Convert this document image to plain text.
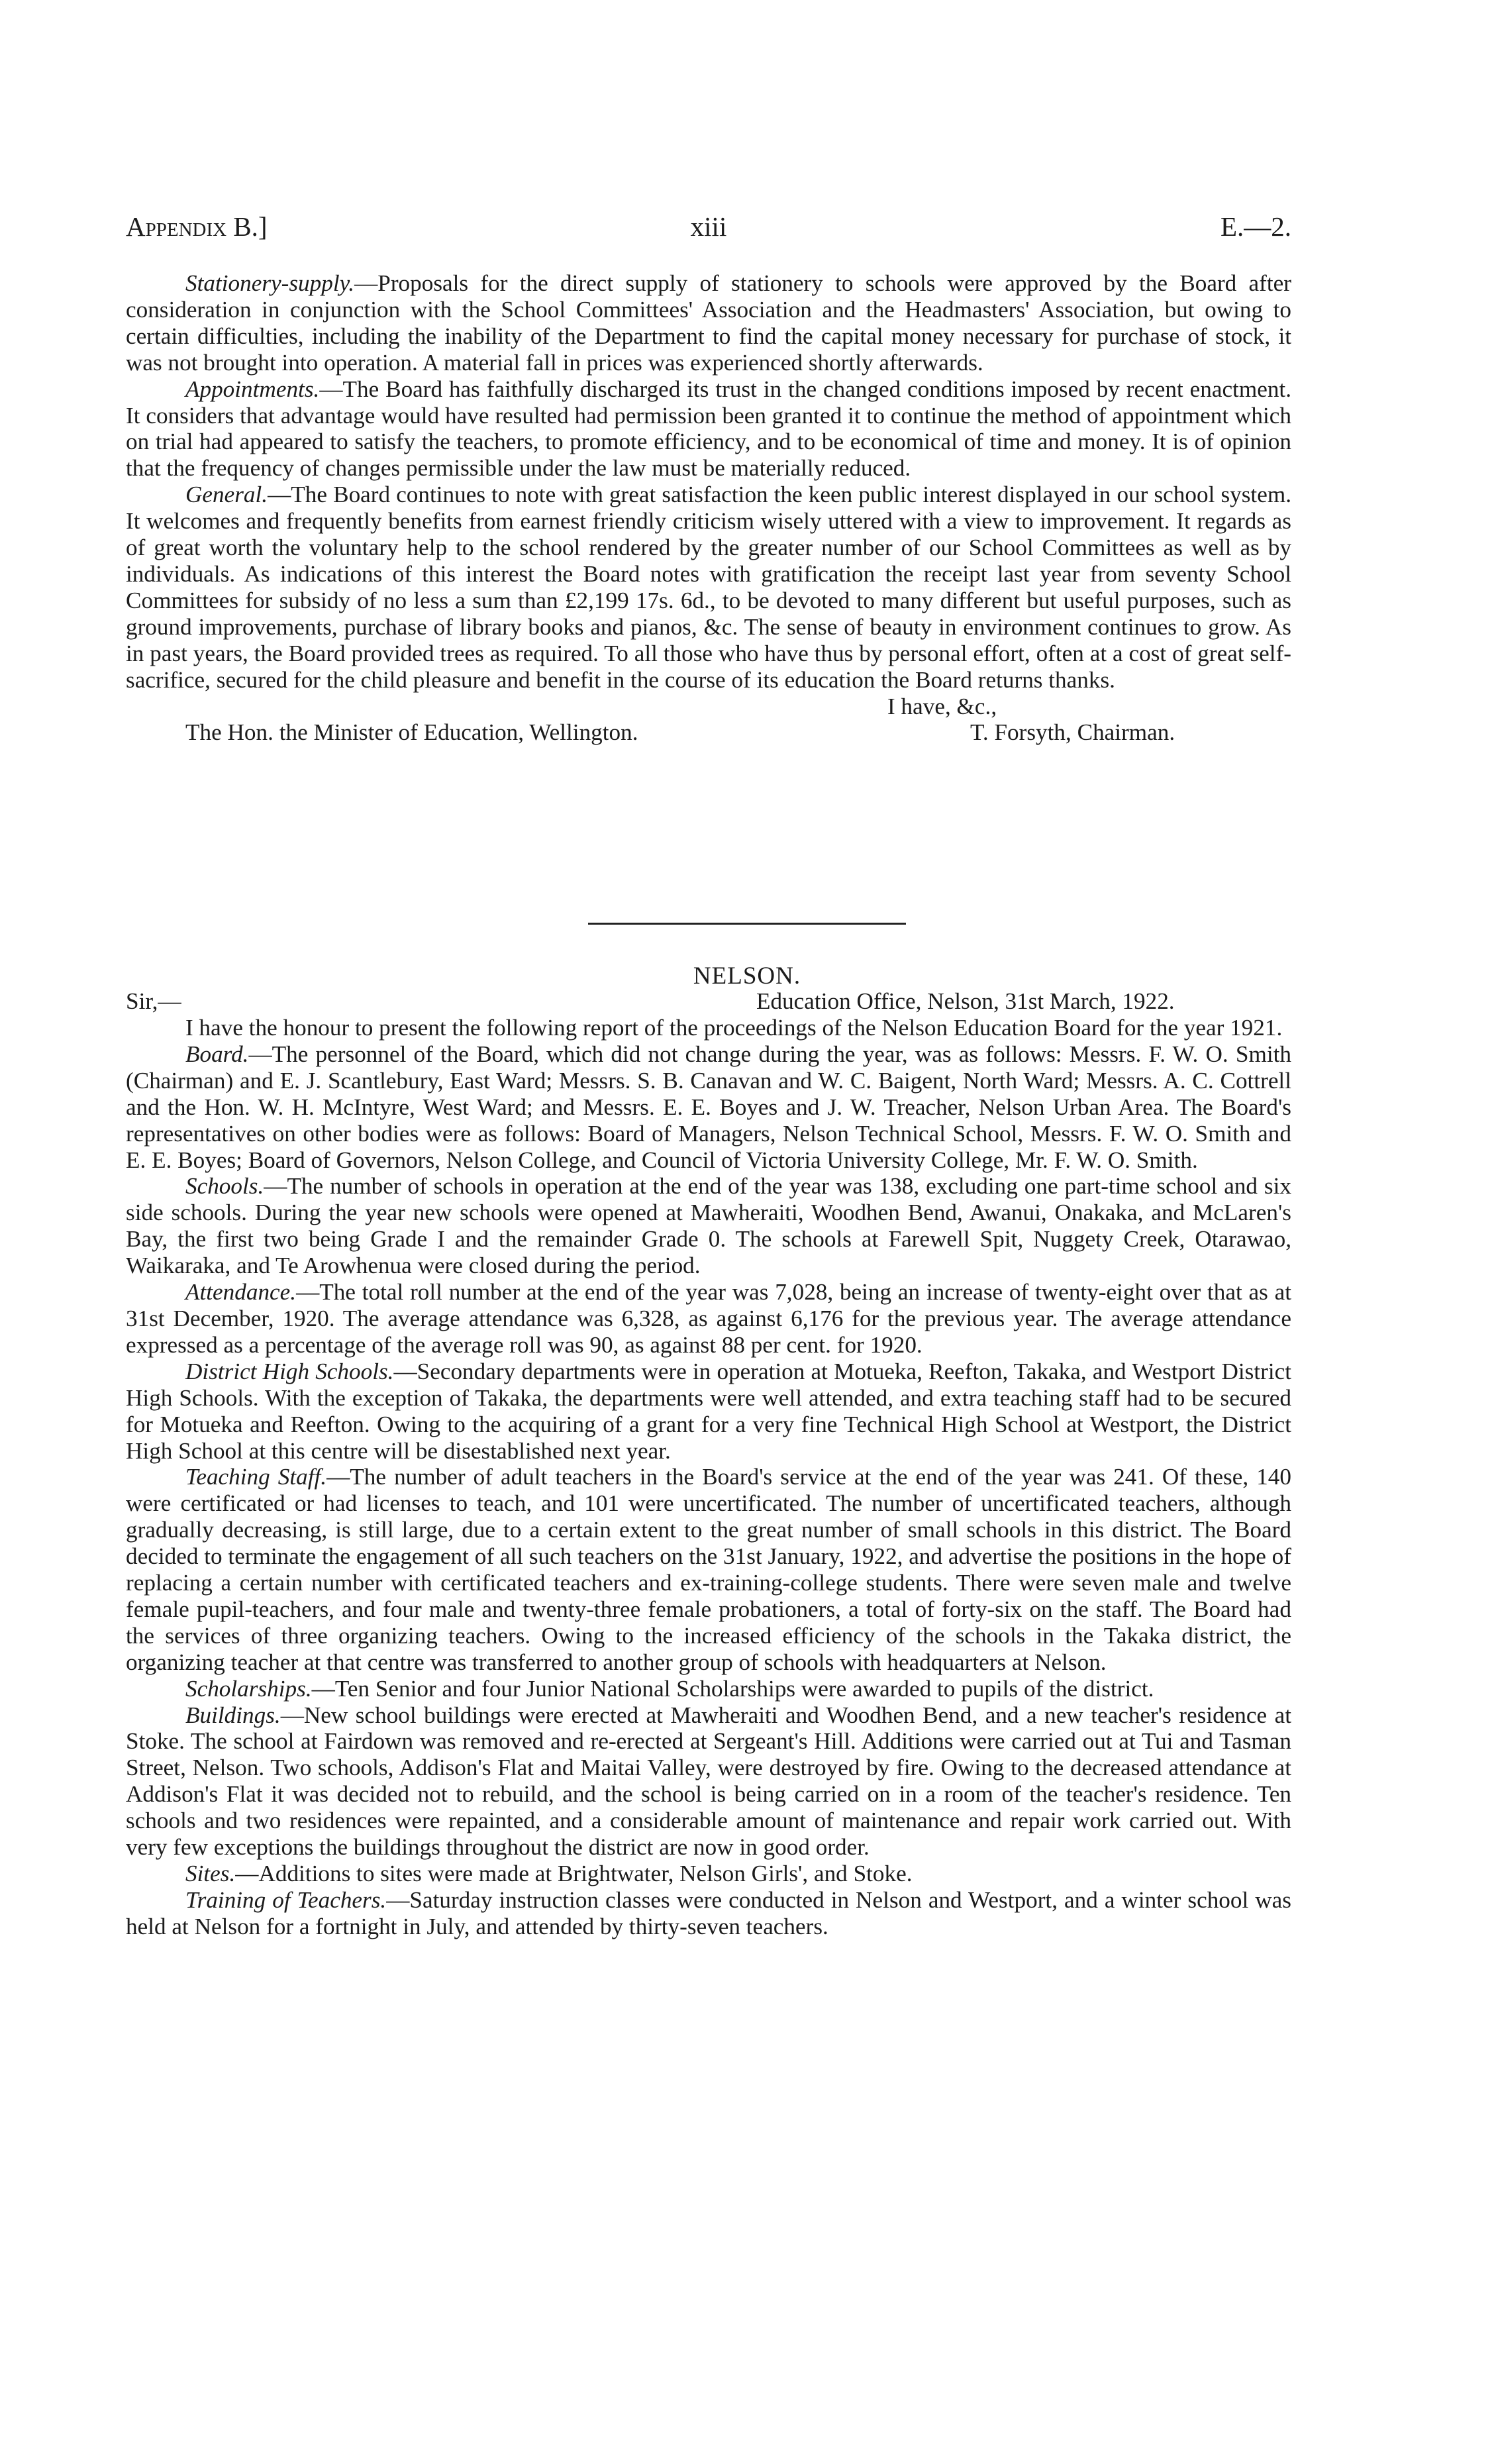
Appendix B.]	xiii	E.—2.

Stationery-supply.—Proposals for the direct supply of stationery to schools were approved by the Board after consideration in conjunction with the School Committees' Association and the Headmasters' Association, but owing to certain difficulties, including the inability of the Department to find the capital money necessary for purchase of stock, it was not brought into operation. A material fall in prices was experienced shortly afterwards.

Appointments.—The Board has faithfully discharged its trust in the changed conditions imposed by recent enactment. It considers that advantage would have resulted had permission been granted it to continue the method of appointment which on trial had appeared to satisfy the teachers, to promote efficiency, and to be economical of time and money. It is of opinion that the frequency of changes permissible under the law must be materially reduced.

General.—The Board continues to note with great satisfaction the keen public interest displayed in our school system. It welcomes and frequently benefits from earnest friendly criticism wisely uttered with a view to improvement. It regards as of great worth the voluntary help to the school rendered by the greater number of our School Committees as well as by individuals. As indications of this interest the Board notes with gratification the receipt last year from seventy School Committees for subsidy of no less a sum than £2,199 17s. 6d., to be devoted to many different but useful purposes, such as ground improvements, purchase of library books and pianos, &c. The sense of beauty in environment continues to grow. As in past years, the Board provided trees as required. To all those who have thus by personal effort, often at a cost of great self-sacrifice, secured for the child pleasure and benefit in the course of its education the Board returns thanks.

I have, &c.,

The Hon. the Minister of Education, Wellington.	T. Forsyth, Chairman.
NELSON.
Sir,—	Education Office, Nelson, 31st March, 1922.

I have the honour to present the following report of the proceedings of the Nelson Education Board for the year 1921.

Board.—The personnel of the Board, which did not change during the year, was as follows: Messrs. F. W. O. Smith (Chairman) and E. J. Scantlebury, East Ward; Messrs. S. B. Canavan and W. C. Baigent, North Ward; Messrs. A. C. Cottrell and the Hon. W. H. McIntyre, West Ward; and Messrs. E. E. Boyes and J. W. Treacher, Nelson Urban Area. The Board's representatives on other bodies were as follows: Board of Managers, Nelson Technical School, Messrs. F. W. O. Smith and E. E. Boyes; Board of Governors, Nelson College, and Council of Victoria University College, Mr. F. W. O. Smith.

Schools.—The number of schools in operation at the end of the year was 138, excluding one part-time school and six side schools. During the year new schools were opened at Mawheraiti, Woodhen Bend, Awanui, Onakaka, and McLaren's Bay, the first two being Grade I and the remainder Grade 0. The schools at Farewell Spit, Nuggety Creek, Otarawao, Waikaraka, and Te Arowhenua were closed during the period.

Attendance.—The total roll number at the end of the year was 7,028, being an increase of twenty-eight over that as at 31st December, 1920. The average attendance was 6,328, as against 6,176 for the previous year. The average attendance expressed as a percentage of the average roll was 90, as against 88 per cent. for 1920.

District High Schools.—Secondary departments were in operation at Motueka, Reefton, Takaka, and Westport District High Schools. With the exception of Takaka, the departments were well attended, and extra teaching staff had to be secured for Motueka and Reefton. Owing to the acquiring of a grant for a very fine Technical High School at Westport, the District High School at this centre will be disestablished next year.

Teaching Staff.—The number of adult teachers in the Board's service at the end of the year was 241. Of these, 140 were certificated or had licenses to teach, and 101 were uncertificated. The number of uncertificated teachers, although gradually decreasing, is still large, due to a certain extent to the great number of small schools in this district. The Board decided to terminate the engagement of all such teachers on the 31st January, 1922, and advertise the positions in the hope of replacing a certain number with certificated teachers and ex-training-college students. There were seven male and twelve female pupil-teachers, and four male and twenty-three female probationers, a total of forty-six on the staff. The Board had the services of three organizing teachers. Owing to the increased efficiency of the schools in the Takaka district, the organizing teacher at that centre was transferred to another group of schools with headquarters at Nelson.

Scholarships.—Ten Senior and four Junior National Scholarships were awarded to pupils of the district.

Buildings.—New school buildings were erected at Mawheraiti and Woodhen Bend, and a new teacher's residence at Stoke. The school at Fairdown was removed and re-erected at Sergeant's Hill. Additions were carried out at Tui and Tasman Street, Nelson. Two schools, Addison's Flat and Maitai Valley, were destroyed by fire. Owing to the decreased attendance at Addison's Flat it was decided not to rebuild, and the school is being carried on in a room of the teacher's residence. Ten schools and two residences were repainted, and a considerable amount of maintenance and repair work carried out. With very few exceptions the buildings throughout the district are now in good order.

Sites.—Additions to sites were made at Brightwater, Nelson Girls', and Stoke.

Training of Teachers.—Saturday instruction classes were conducted in Nelson and Westport, and a winter school was held at Nelson for a fortnight in July, and attended by thirty-seven teachers.
